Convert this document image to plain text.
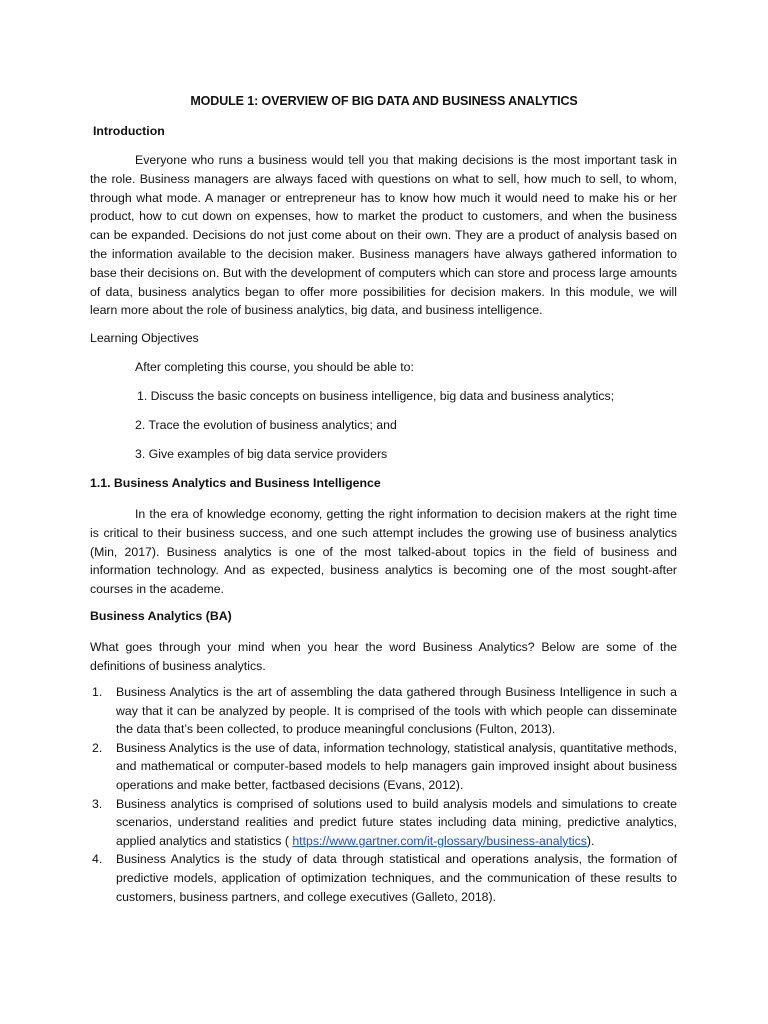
MODULE 1: OVERVIEW OF BIG DATA AND BUSINESS ANALYTICS
Introduction
Everyone who runs a business would tell you that making decisions is the most important task in the role. Business managers are always faced with questions on what to sell, how much to sell, to whom, through what mode. A manager or entrepreneur has to know how much it would need to make his or her product, how to cut down on expenses, how to market the product to customers, and when the business can be expanded. Decisions do not just come about on their own. They are a product of analysis based on the information available to the decision maker. Business managers have always gathered information to base their decisions on. But with the development of computers which can store and process large amounts of data, business analytics began to offer more possibilities for decision makers. In this module, we will learn more about the role of business analytics, big data, and business intelligence.
Learning Objectives
After completing this course, you should be able to:
1. Discuss the basic concepts on business intelligence, big data and business analytics;
2. Trace the evolution of business analytics; and
3. Give examples of big data service providers
1.1. Business Analytics and Business Intelligence
In the era of knowledge economy, getting the right information to decision makers at the right time is critical to their business success, and one such attempt includes the growing use of business analytics (Min, 2017). Business analytics is one of the most talked-about topics in the field of business and information technology. And as expected, business analytics is becoming one of the most sought-after courses in the academe.
Business Analytics (BA)
What goes through your mind when you hear the word Business Analytics? Below are some of the definitions of business analytics.
1. Business Analytics is the art of assembling the data gathered through Business Intelligence in such a way that it can be analyzed by people. It is comprised of the tools with which people can disseminate the data that’s been collected, to produce meaningful conclusions (Fulton, 2013).
2. Business Analytics is the use of data, information technology, statistical analysis, quantitative methods, and mathematical or computer-based models to help managers gain improved insight about business operations and make better, factbased decisions (Evans, 2012).
3. Business analytics is comprised of solutions used to build analysis models and simulations to create scenarios, understand realities and predict future states including data mining, predictive analytics, applied analytics and statistics ( https://www.gartner.com/it-glossary/business-analytics).
4. Business Analytics is the study of data through statistical and operations analysis, the formation of predictive models, application of optimization techniques, and the communication of these results to customers, business partners, and college executives (Galleto, 2018).
